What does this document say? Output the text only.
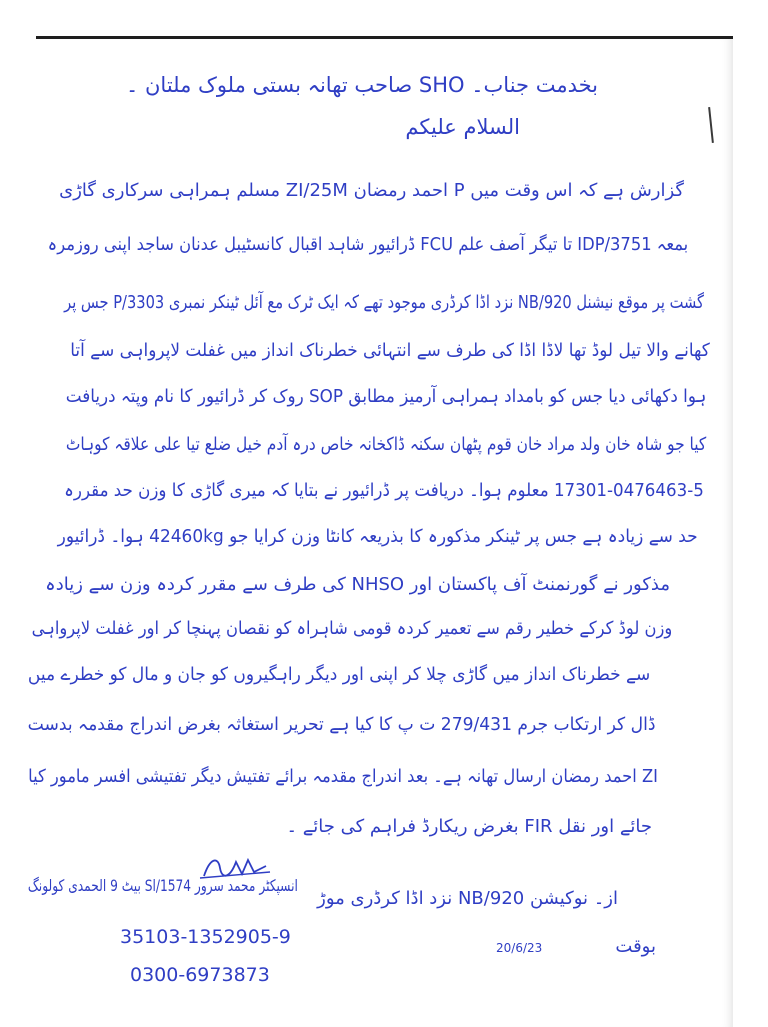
بخدمت جناب۔ SHO صاحب تھانہ بستی ملوک ملتان ۔
السلام علیکم
گزارش ہے کہ اس وقت میں P احمد رمضان ZI/25M مسلم ہمراہی سرکاری گاڑی
بمعہ IDP/3751 تا تیگر آصف علم FCU ڈرائیور شاہد اقبال کانسٹیبل عدنان ساجد اپنی روزمرہ
گشت پر موقع نیشنل 920/NB نزد اڈا کرڈری موجود تھے کہ ایک ٹرک مع آئل ٹینکر نمبری P/3303 جس پر
کھانے والا تیل لوڈ تھا لاڈا اڈا کی طرف سے انتہائی خطرناک انداز میں غفلت لاپرواہی سے آتا
ہوا دکھائی دیا جس کو بامداد ہمراہی آرمیز مطابق SOP روک کر ڈرائیور کا نام وپتہ دریافت
کیا جو شاہ خان ولد مراد خان قوم پٹھان سکنہ ڈاکخانہ خاص درہ آدم خیل ضلع تیا علی علاقہ کوہاٹ
17301-0476463-5 معلوم ہوا۔ دریافت پر ڈرائیور نے بتایا کہ میری گاڑی کا وزن حد مقررہ
حد سے زیادہ ہے جس پر ٹینکر مذکورہ کا بذریعہ کانٹا وزن کرایا جو 42460kg ہوا۔ ڈرائیور
مذکور نے گورنمنٹ آف پاکستان اور NHSO کی طرف سے مقرر کردہ وزن سے زیادہ
وزن لوڈ کرکے خطیر رقم سے تعمیر کردہ قومی شاہراہ کو نقصان پہنچا کر اور غفلت لاپرواہی
سے خطرناک انداز میں گاڑی چلا کر اپنی اور دیگر راہگیروں کو جان و مال کو خطرے میں
ڈال کر ارتکاب جرم 279/431 ت پ کا کیا ہے تحریر استغاثہ بغرض اندراج مقدمہ بدست
ZI احمد رمضان ارسال تھانہ ہے۔ بعد اندراج مقدمہ برائے تفتیش دیگر تفتیشی افسر مامور کیا
جائے اور نقل FIR بغرض ریکارڈ فراہم کی جائے ۔
انسپکٹر محمد سرور Sl/1574 بیٹ 9 الحمدی کولونگ
35103-1352905-9
0300-6973873
از۔ نوکیشن 920/NB نزد اڈا کرڈری موڑ
بوقت
20/6/23
